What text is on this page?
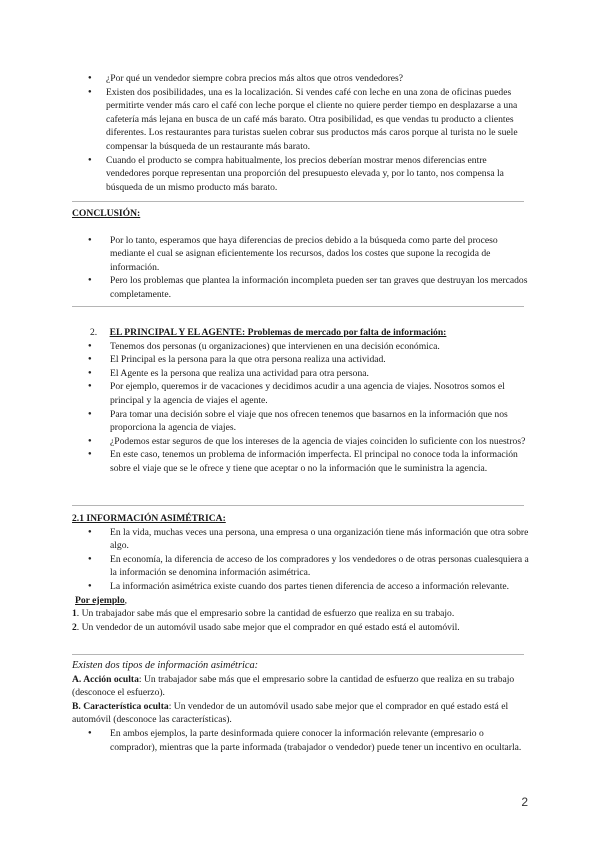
● ¿Por qué un vendedor siempre cobra precios más altos que otros vendedores?
● Existen dos posibilidades, una es la localización. Si vendes café con leche en una zona de oficinas puedes permitirte vender más caro el café con leche porque el cliente no quiere perder tiempo en desplazarse a una cafetería más lejana en busca de un café más barato. Otra posibilidad, es que vendas tu producto a clientes diferentes. Los restaurantes para turistas suelen cobrar sus productos más caros porque al turista no le suele compensar la búsqueda de un restaurante más barato.
● Cuando el producto se compra habitualmente, los precios deberían mostrar menos diferencias entre vendedores porque representan una proporción del presupuesto elevada y, por lo tanto, nos compensa la búsqueda de un mismo producto más barato.

CONCLUSIÓN:

● Por lo tanto, esperamos que haya diferencias de precios debido a la búsqueda como parte del proceso mediante el cual se asignan eficientemente los recursos, dados los costes que supone la recogida de información.
● Pero los problemas que plantea la información incompleta pueden ser tan graves que destruyan los mercados completamente.

2. EL PRINCIPAL Y EL AGENTE: Problemas de mercado por falta de información:

● Tenemos dos personas (u organizaciones) que intervienen en una decisión económica.
● El Principal es la persona para la que otra persona realiza una actividad.
● El Agente es la persona que realiza una actividad para otra persona.
● Por ejemplo, queremos ir de vacaciones y decidimos acudir a una agencia de viajes. Nosotros somos el principal y la agencia de viajes el agente.
● Para tomar una decisión sobre el viaje que nos ofrecen tenemos que basarnos en la información que nos proporciona la agencia de viajes.
● ¿Podemos estar seguros de que los intereses de la agencia de viajes coinciden lo suficiente con los nuestros?
● En este caso, tenemos un problema de información imperfecta. El principal no conoce toda la información sobre el viaje que se le ofrece y tiene que aceptar o no la información que le suministra la agencia.

2.1 INFORMACIÓN ASIMÉTRICA:

● En la vida, muchas veces una persona, una empresa o una organización tiene más información que otra sobre algo.
● En economía, la diferencia de acceso de los compradores y los vendedores o de otras personas cualesquiera a la información se denomina información asimétrica.
● La información asimétrica existe cuando dos partes tienen diferencia de acceso a información relevante.

Por ejemplo,

1. Un trabajador sabe más que el empresario sobre la cantidad de esfuerzo que realiza en su trabajo.

2. Un vendedor de un automóvil usado sabe mejor que el comprador en qué estado está el automóvil.

Existen dos tipos de información asimétrica:

A. Acción oculta: Un trabajador sabe más que el empresario sobre la cantidad de esfuerzo que realiza en su trabajo (desconoce el esfuerzo).

B. Característica oculta: Un vendedor de un automóvil usado sabe mejor que el comprador en qué estado está el automóvil (desconoce las características).

● En ambos ejemplos, la parte desinformada quiere conocer la información relevante (empresario o comprador), mientras que la parte informada (trabajador o vendedor) puede tener un incentivo en ocultarla.
2
